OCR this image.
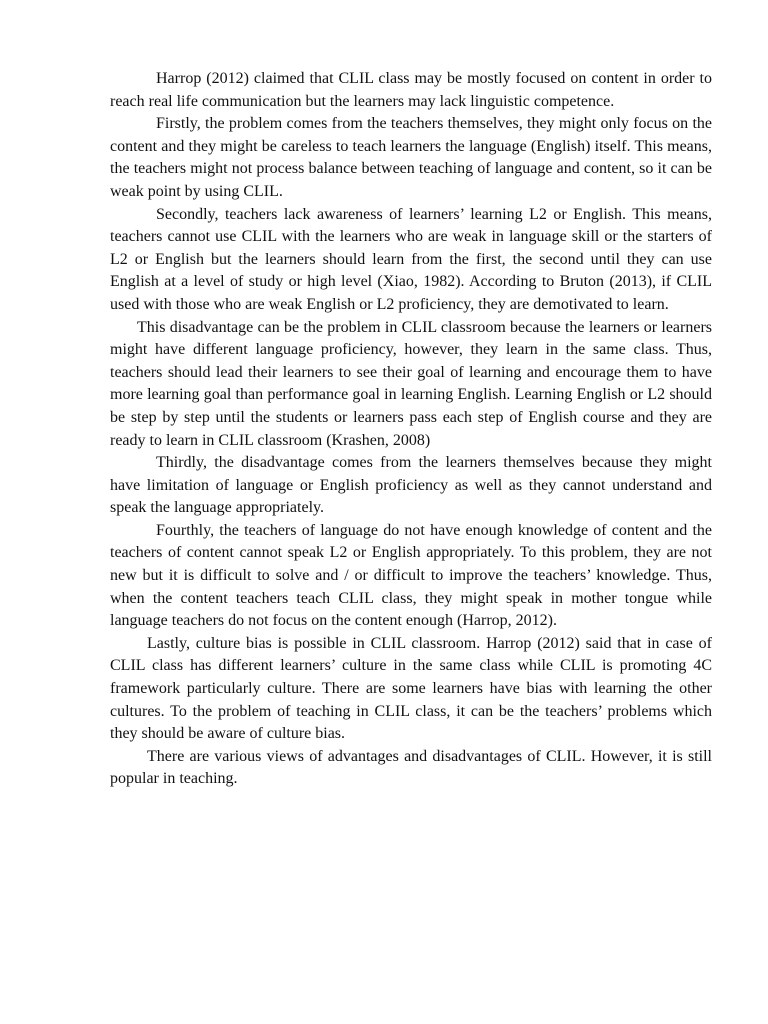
Harrop (2012) claimed that CLIL class may be mostly focused on content in order to reach real life communication but the learners may lack linguistic competence.

Firstly, the problem comes from the teachers themselves, they might only focus on the content and they might be careless to teach learners the language (English) itself. This means, the teachers might not process balance between teaching of language and content, so it can be weak point by using CLIL.

Secondly, teachers lack awareness of learners’ learning L2 or English. This means, teachers cannot use CLIL with the learners who are weak in language skill or the starters of L2 or English but the learners should learn from the first, the second until they can use English at a level of study or high level (Xiao, 1982). According to Bruton (2013), if CLIL used with those who are weak English or L2 proficiency, they are demotivated to learn.

This disadvantage can be the problem in CLIL classroom because the learners or learners might have different language proficiency, however, they learn in the same class. Thus, teachers should lead their learners to see their goal of learning and encourage them to have more learning goal than performance goal in learning English. Learning English or L2 should be step by step until the students or learners pass each step of English course and they are ready to learn in CLIL classroom (Krashen, 2008)

Thirdly, the disadvantage comes from the learners themselves because they might have limitation of language or English proficiency as well as they cannot understand and speak the language appropriately.

Fourthly, the teachers of language do not have enough knowledge of content and the teachers of content cannot speak L2 or English appropriately. To this problem, they are not new but it is difficult to solve and / or difficult to improve the teachers’ knowledge. Thus, when the content teachers teach CLIL class, they might speak in mother tongue while language teachers do not focus on the content enough (Harrop, 2012).

Lastly, culture bias is possible in CLIL classroom. Harrop (2012) said that in case of CLIL class has different learners’ culture in the same class while CLIL is promoting 4C framework particularly culture. There are some learners have bias with learning the other cultures. To the problem of teaching in CLIL class, it can be the teachers’ problems which they should be aware of culture bias.

There are various views of advantages and disadvantages of CLIL. However, it is still popular in teaching.
